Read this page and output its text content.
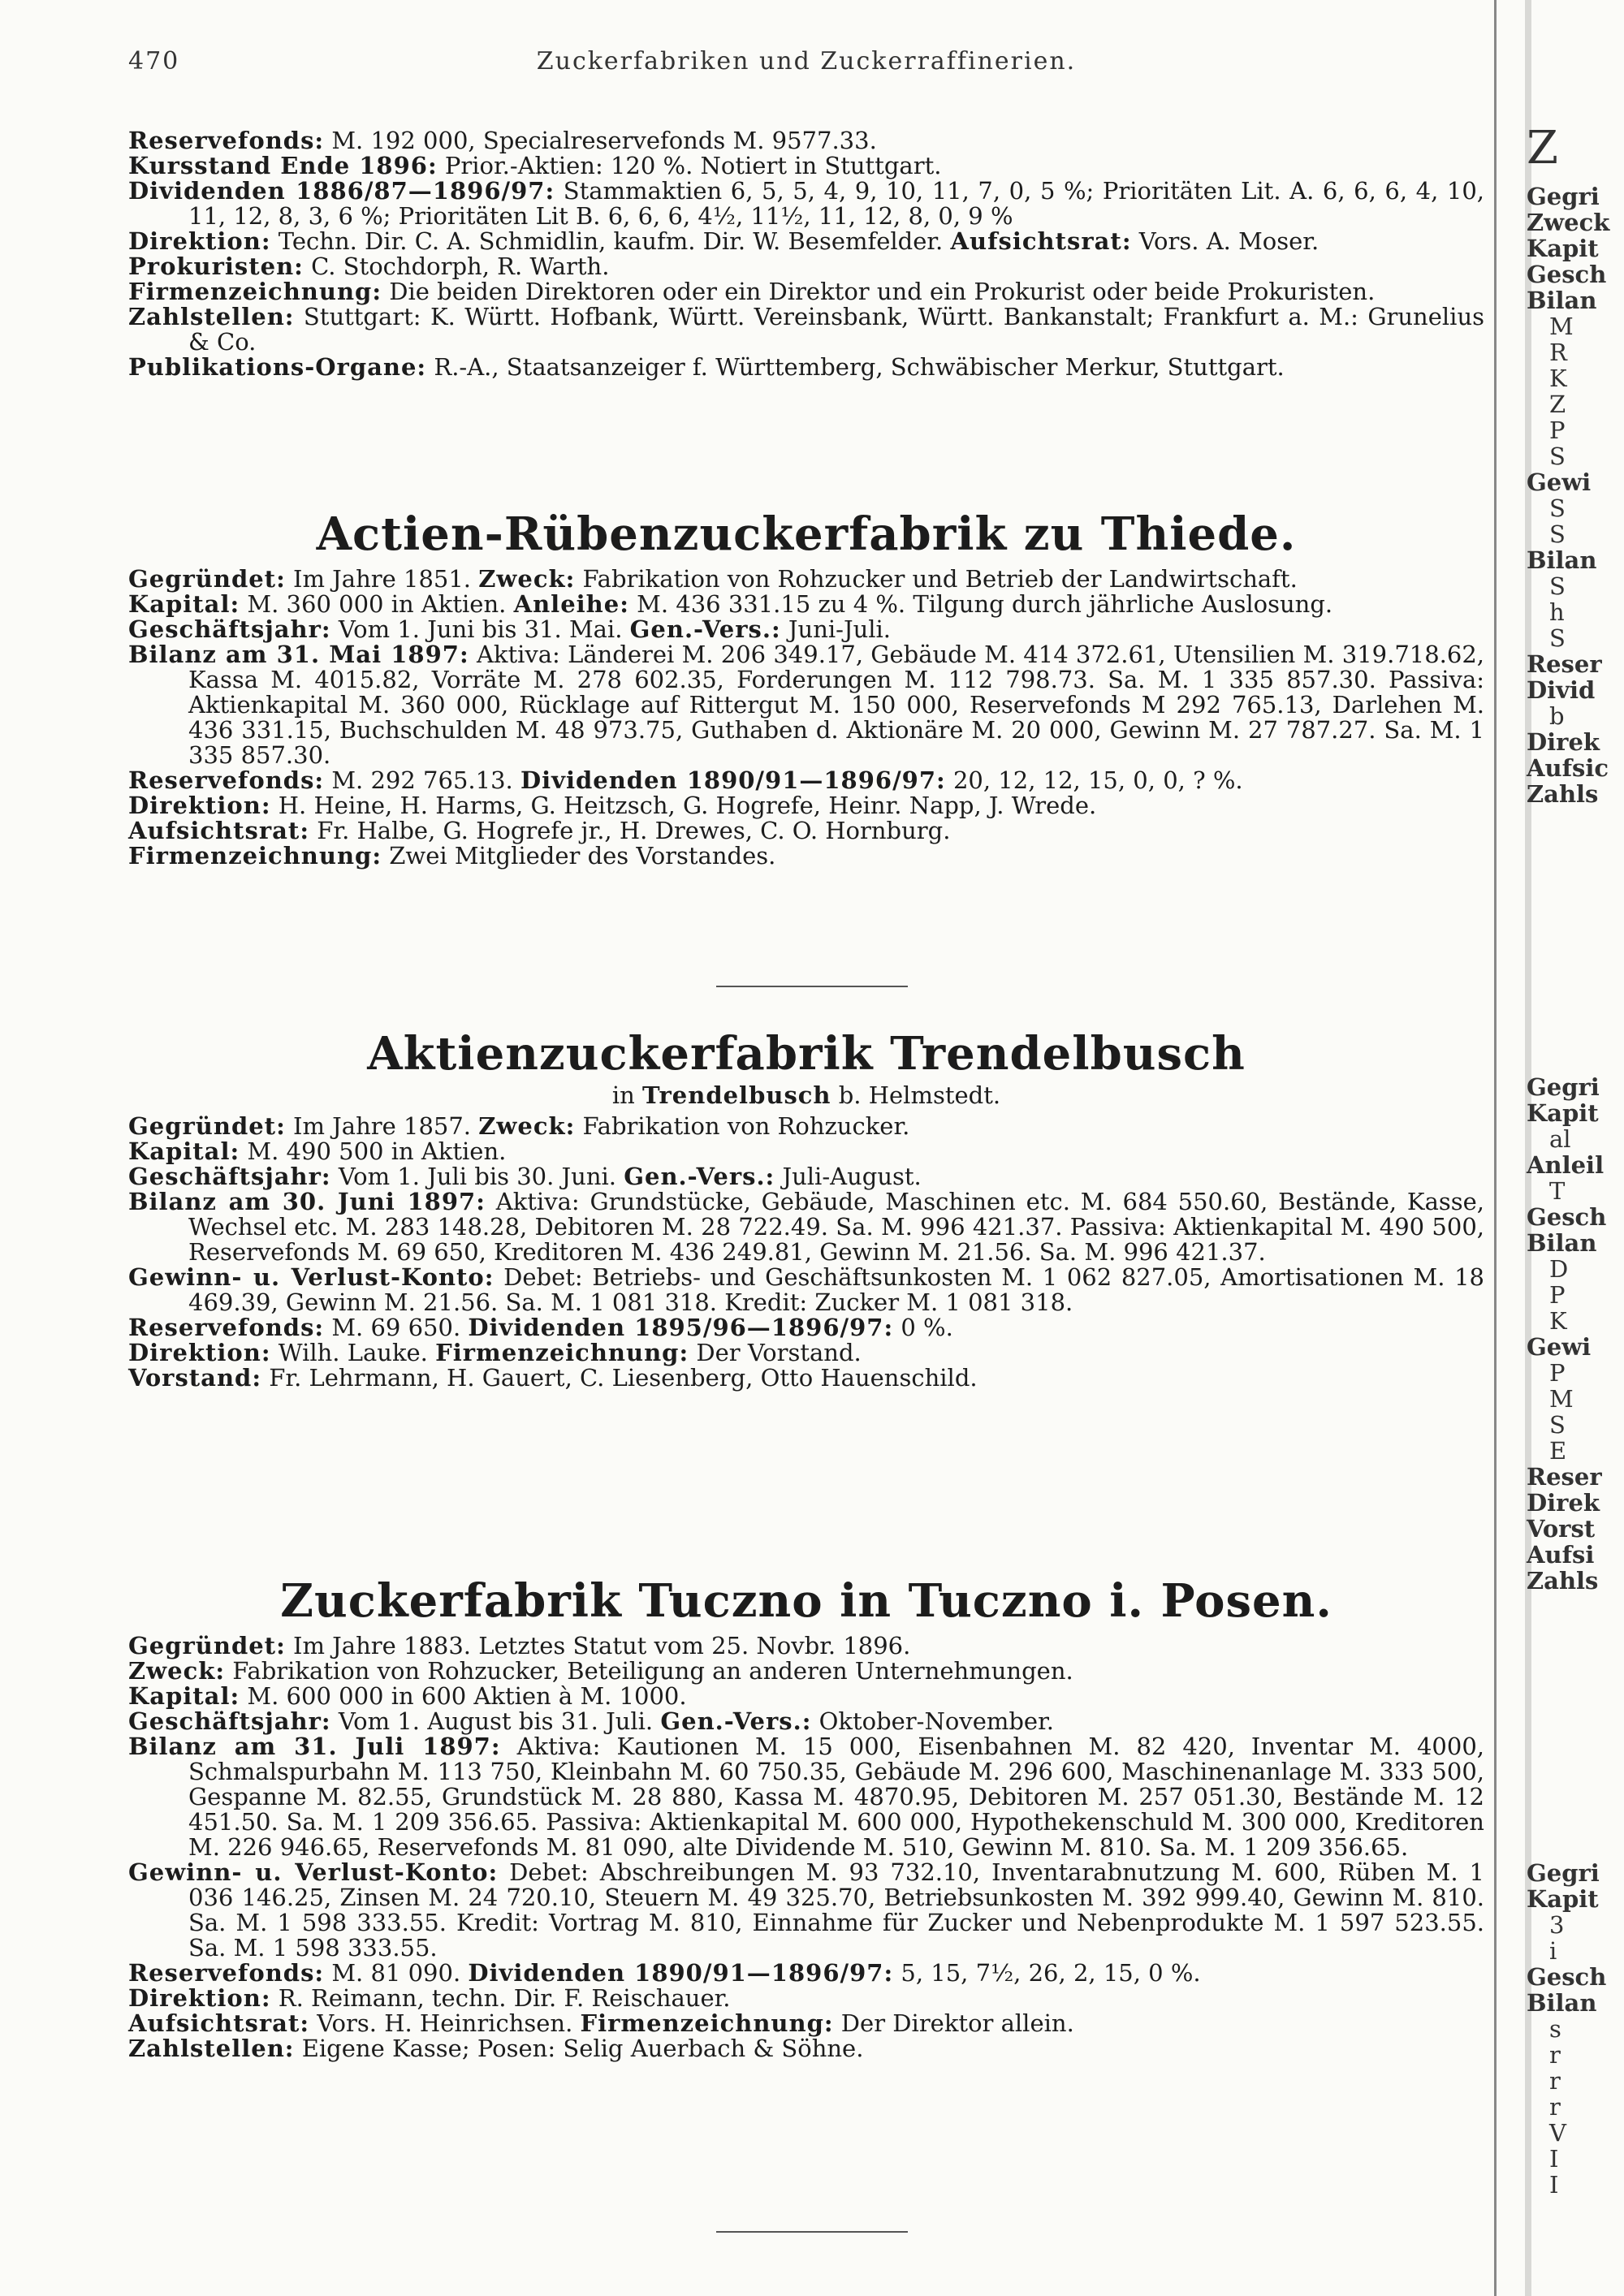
470	Zuckerfabriken und Zuckerraffinerien.

Reservefonds: M. 192 000, Specialreservefonds M. 9577.33.

Kursstand Ende 1896: Prior.-Aktien: 120 %. Notiert in Stuttgart.

Dividenden 1886/87—1896/97: Stammaktien 6, 5, 5, 4, 9, 10, 11, 7, 0, 5 %; Prioritäten Lit. A. 6, 6, 6, 4, 10, 11, 12, 8, 3, 6 %; Prioritäten Lit B. 6, 6, 6, 4½, 11½, 11, 12, 8, 0, 9 %

Direktion: Techn. Dir. C. A. Schmidlin, kaufm. Dir. W. Besemfelder. Aufsichtsrat: Vors. A. Moser.

Prokuristen: C. Stochdorph, R. Warth.

Firmenzeichnung: Die beiden Direktoren oder ein Direktor und ein Prokurist oder beide Prokuristen.

Zahlstellen: Stuttgart: K. Württ. Hofbank, Württ. Vereinsbank, Württ. Bankanstalt; Frankfurt a. M.: Grunelius & Co.

Publikations-Organe: R.-A., Staatsanzeiger f. Württemberg, Schwäbischer Merkur, Stuttgart.

Actien-Rübenzuckerfabrik zu Thiede.

Gegründet: Im Jahre 1851. Zweck: Fabrikation von Rohzucker und Betrieb der Landwirtschaft.

Kapital: M. 360 000 in Aktien. Anleihe: M. 436 331.15 zu 4 %. Tilgung durch jährliche Auslosung.

Geschäftsjahr: Vom 1. Juni bis 31. Mai. Gen.-Vers.: Juni-Juli.

Bilanz am 31. Mai 1897: Aktiva: Länderei M. 206 349.17, Gebäude M. 414 372.61, Utensilien M. 319.718.62, Kassa M. 4015.82, Vorräte M. 278 602.35, Forderungen M. 112 798.73. Sa. M. 1 335 857.30. Passiva: Aktienkapital M. 360 000, Rücklage auf Rittergut M. 150 000, Reservefonds M 292 765.13, Darlehen M. 436 331.15, Buchschulden M. 48 973.75, Guthaben d. Aktionäre M. 20 000, Gewinn M. 27 787.27. Sa. M. 1 335 857.30.

Reservefonds: M. 292 765.13. Dividenden 1890/91—1896/97: 20, 12, 12, 15, 0, 0, ? %.

Direktion: H. Heine, H. Harms, G. Heitzsch, G. Hogrefe, Heinr. Napp, J. Wrede.

Aufsichtsrat: Fr. Halbe, G. Hogrefe jr., H. Drewes, C. O. Hornburg.

Firmenzeichnung: Zwei Mitglieder des Vorstandes.

Aktienzuckerfabrik Trendelbusch
in Trendelbusch b. Helmstedt.

Gegründet: Im Jahre 1857. Zweck: Fabrikation von Rohzucker.

Kapital: M. 490 500 in Aktien.

Geschäftsjahr: Vom 1. Juli bis 30. Juni. Gen.-Vers.: Juli-August.

Bilanz am 30. Juni 1897: Aktiva: Grundstücke, Gebäude, Maschinen etc. M. 684 550.60, Bestände, Kasse, Wechsel etc. M. 283 148.28, Debitoren M. 28 722.49. Sa. M. 996 421.37. Passiva: Aktienkapital M. 490 500, Reservefonds M. 69 650, Kreditoren M. 436 249.81, Gewinn M. 21.56. Sa. M. 996 421.37.

Gewinn- u. Verlust-Konto: Debet: Betriebs- und Geschäftsunkosten M. 1 062 827.05, Amortisationen M. 18 469.39, Gewinn M. 21.56. Sa. M. 1 081 318. Kredit: Zucker M. 1 081 318.

Reservefonds: M. 69 650. Dividenden 1895/96—1896/97: 0 %.

Direktion: Wilh. Lauke. Firmenzeichnung: Der Vorstand.

Vorstand: Fr. Lehrmann, H. Gauert, C. Liesenberg, Otto Hauenschild.

Zuckerfabrik Tuczno in Tuczno i. Posen.

Gegründet: Im Jahre 1883. Letztes Statut vom 25. Novbr. 1896.

Zweck: Fabrikation von Rohzucker, Beteiligung an anderen Unternehmungen.

Kapital: M. 600 000 in 600 Aktien à M. 1000.

Geschäftsjahr: Vom 1. August bis 31. Juli. Gen.-Vers.: Oktober-November.

Bilanz am 31. Juli 1897: Aktiva: Kautionen M. 15 000, Eisenbahnen M. 82 420, Inventar M. 4000, Schmalspurbahn M. 113 750, Kleinbahn M. 60 750.35, Gebäude M. 296 600, Maschinenanlage M. 333 500, Gespanne M. 82.55, Grundstück M. 28 880, Kassa M. 4870.95, Debitoren M. 257 051.30, Bestände M. 12 451.50. Sa. M. 1 209 356.65. Passiva: Aktienkapital M. 600 000, Hypothekenschuld M. 300 000, Kreditoren M. 226 946.65, Reservefonds M. 81 090, alte Dividende M. 510, Gewinn M. 810. Sa. M. 1 209 356.65.

Gewinn- u. Verlust-Konto: Debet: Abschreibungen M. 93 732.10, Inventarabnutzung M. 600, Rüben M. 1 036 146.25, Zinsen M. 24 720.10, Steuern M. 49 325.70, Betriebsunkosten M. 392 999.40, Gewinn M. 810. Sa. M. 1 598 333.55. Kredit: Vortrag M. 810, Einnahme für Zucker und Nebenprodukte M. 1 597 523.55. Sa. M. 1 598 333.55.

Reservefonds: M. 81 090. Dividenden 1890/91—1896/97: 5, 15, 7½, 26, 2, 15, 0 %.

Direktion: R. Reimann, techn. Dir. F. Reischauer.

Aufsichtsrat: Vors. H. Heinrichsen. Firmenzeichnung: Der Direktor allein.

Zahlstellen: Eigene Kasse; Posen: Selig Auerbach & Söhne.

Z
Gegri
Zweck
Kapit
Gesch
Bilan
M
R
K
Z
P
S
Gewi
S
S
Bilan
S
h
S
Reser
Divid
b
Direk
Aufsic
Zahls
Gegri
Kapit
al
Anleil
T
Gesch
Bilan
D
P
K
Gewi
P
M
S
E
Reser
Direk
Vorst
Aufsi
Zahls
Gegri
Kapit
3
i
Gesch
Bilan
s
r
r
r
V
I
I
